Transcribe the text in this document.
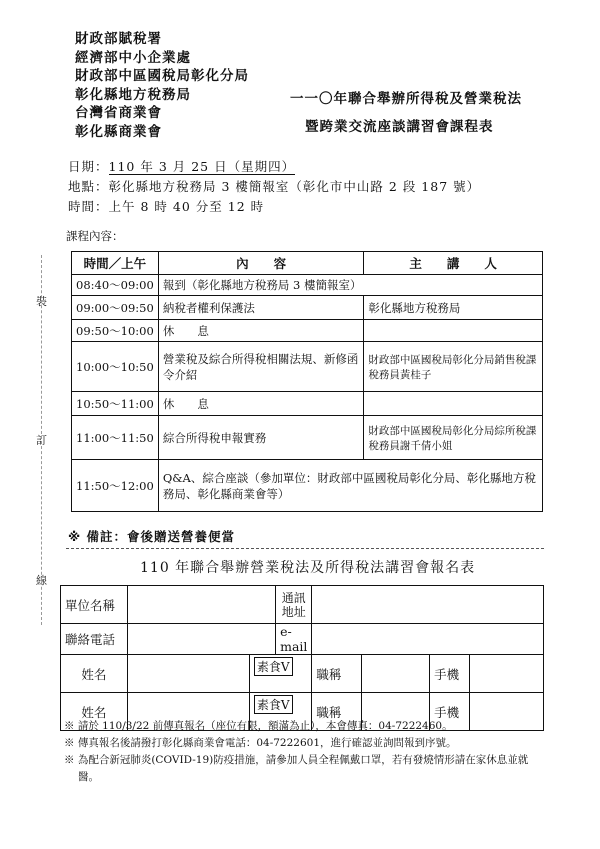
財政部賦稅署
經濟部中小企業處
財政部中區國稅局彰化分局
彰化縣地方稅務局
台灣省商業會
彰化縣商業會
一一〇年聯合舉辦所得稅及營業稅法
暨跨業交流座談講習會課程表
日期：110 年 3 月 25 日（星期四）
地點：彰化縣地方稅務局 3 樓簡報室（彰化市中山路 2 段 187 號）
時間：上午 8 時 40 分至 12 時
課程內容：
裝
訂
線
時間／上午	內　　容	主　　講　　人
08:40～09:00	報到（彰化縣地方稅務局 3 樓簡報室）	
09:00～09:50	納稅者權利保護法	彰化縣地方稅務局
09:50～10:00	休　　息	
10:00～10:50	營業稅及綜合所得稅相關法規、新修函令介紹	財政部中區國稅局彰化分局銷售稅課稅務員黃桂子
10:50～11:00	休　　息	
11:00～11:50	綜合所得稅申報實務	財政部中區國稅局彰化分局綜所稅課稅務員謝千倩小姐
11:50～12:00	Q&A、綜合座談（參加單位：財政部中區國稅局彰化分局、彰化縣地方稅務局、彰化縣商業會等）	
※ 備註：會後贈送營養便當
110 年聯合舉辦營業稅法及所得稅法講習會報名表
單位名稱			通訊地址				
聯絡電話			e-mail				
姓名		素食V		職稱		手機	
姓名		素食V		職稱		手機	
※ 請於 110/3/22 前傳真報名（座位有限，額滿為止），本會傳真：04-7222460。
※ 傳真報名後請撥打彰化縣商業會電話：04-7222601，進行確認並詢問報到序號。
※ 為配合新冠肺炎(COVID-19)防疫措施，請參加人員全程佩戴口罩，若有發燒情形請在家休息並就醫。
